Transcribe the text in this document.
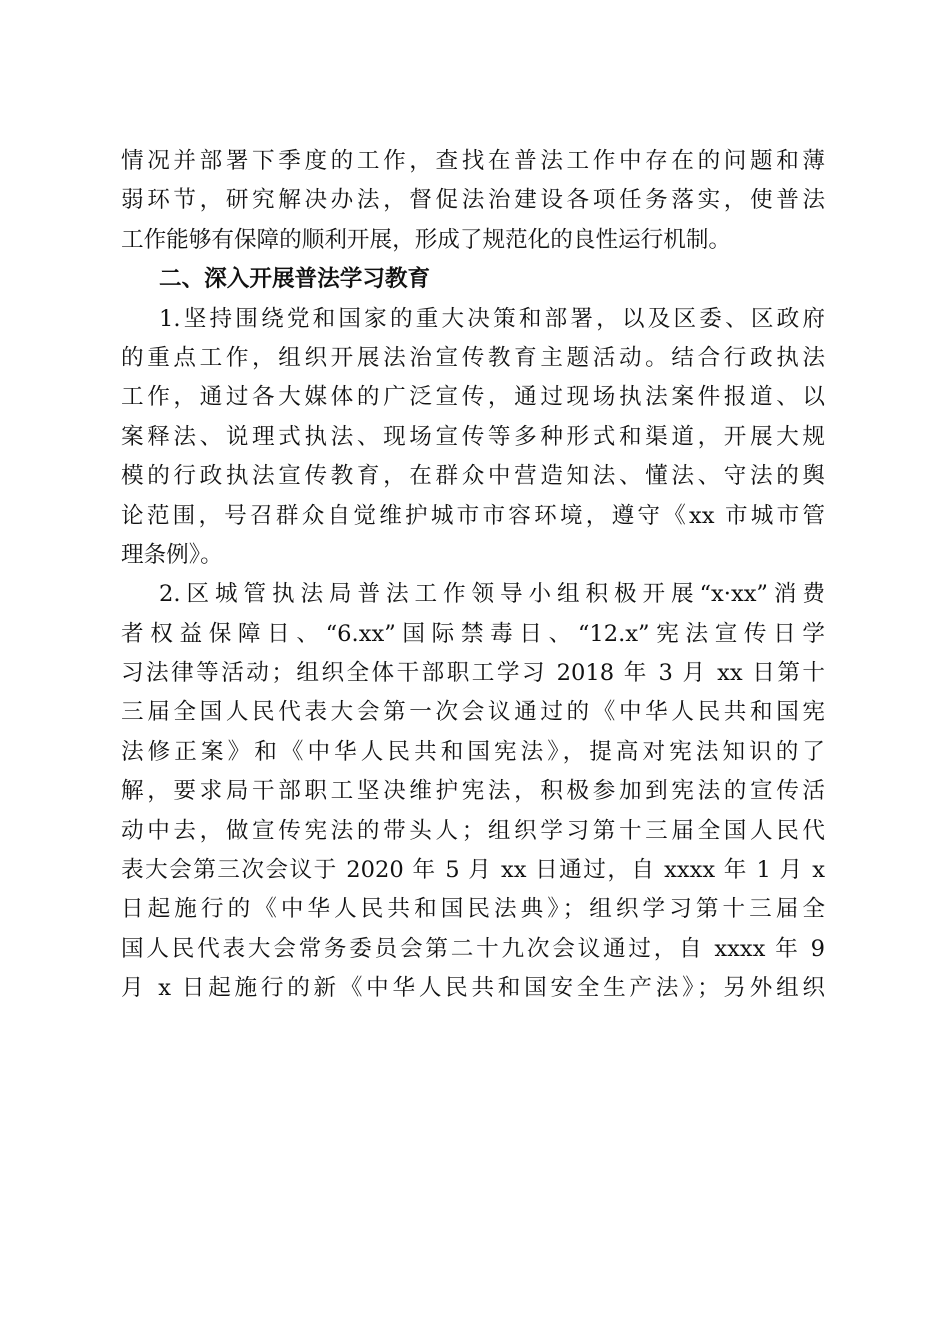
情况并部署下季度的工作，查找在普法工作中存在的问题和薄
弱环节，研究解决办法，督促法治建设各项任务落实，使普法
工作能够有保障的顺利开展，形成了规范化的良性运行机制。
二、深入开展普法学习教育
1.坚持围绕党和国家的重大决策和部署，以及区委、区政府
的重点工作，组织开展法治宣传教育主题活动。结合行政执法
工作，通过各大媒体的广泛宣传，通过现场执法案件报道、以
案释法、说理式执法、现场宣传等多种形式和渠道，开展大规
模的行政执法宣传教育，在群众中营造知法、懂法、守法的舆
论范围，号召群众自觉维护城市市容环境，遵守《xx 市城市管
理条例》。
2.区城管执法局普法工作领导小组积极开展“x·xx”消费
者权益保障日、“6.xx”国际禁毒日、“12.x”宪法宣传日学
习法律等活动；组织全体干部职工学习 2018 年 3 月 xx 日第十
三届全国人民代表大会第一次会议通过的《中华人民共和国宪
法修正案》和《中华人民共和国宪法》，提高对宪法知识的了
解，要求局干部职工坚决维护宪法，积极参加到宪法的宣传活
动中去，做宣传宪法的带头人；组织学习第十三届全国人民代
表大会第三次会议于 2020 年 5 月 xx 日通过，自 xxxx 年 1 月 x
日起施行的《中华人民共和国民法典》；组织学习第十三届全
国人民代表大会常务委员会第二十九次会议通过，自 xxxx 年 9
月 x 日起施行的新《中华人民共和国安全生产法》；另外组织
